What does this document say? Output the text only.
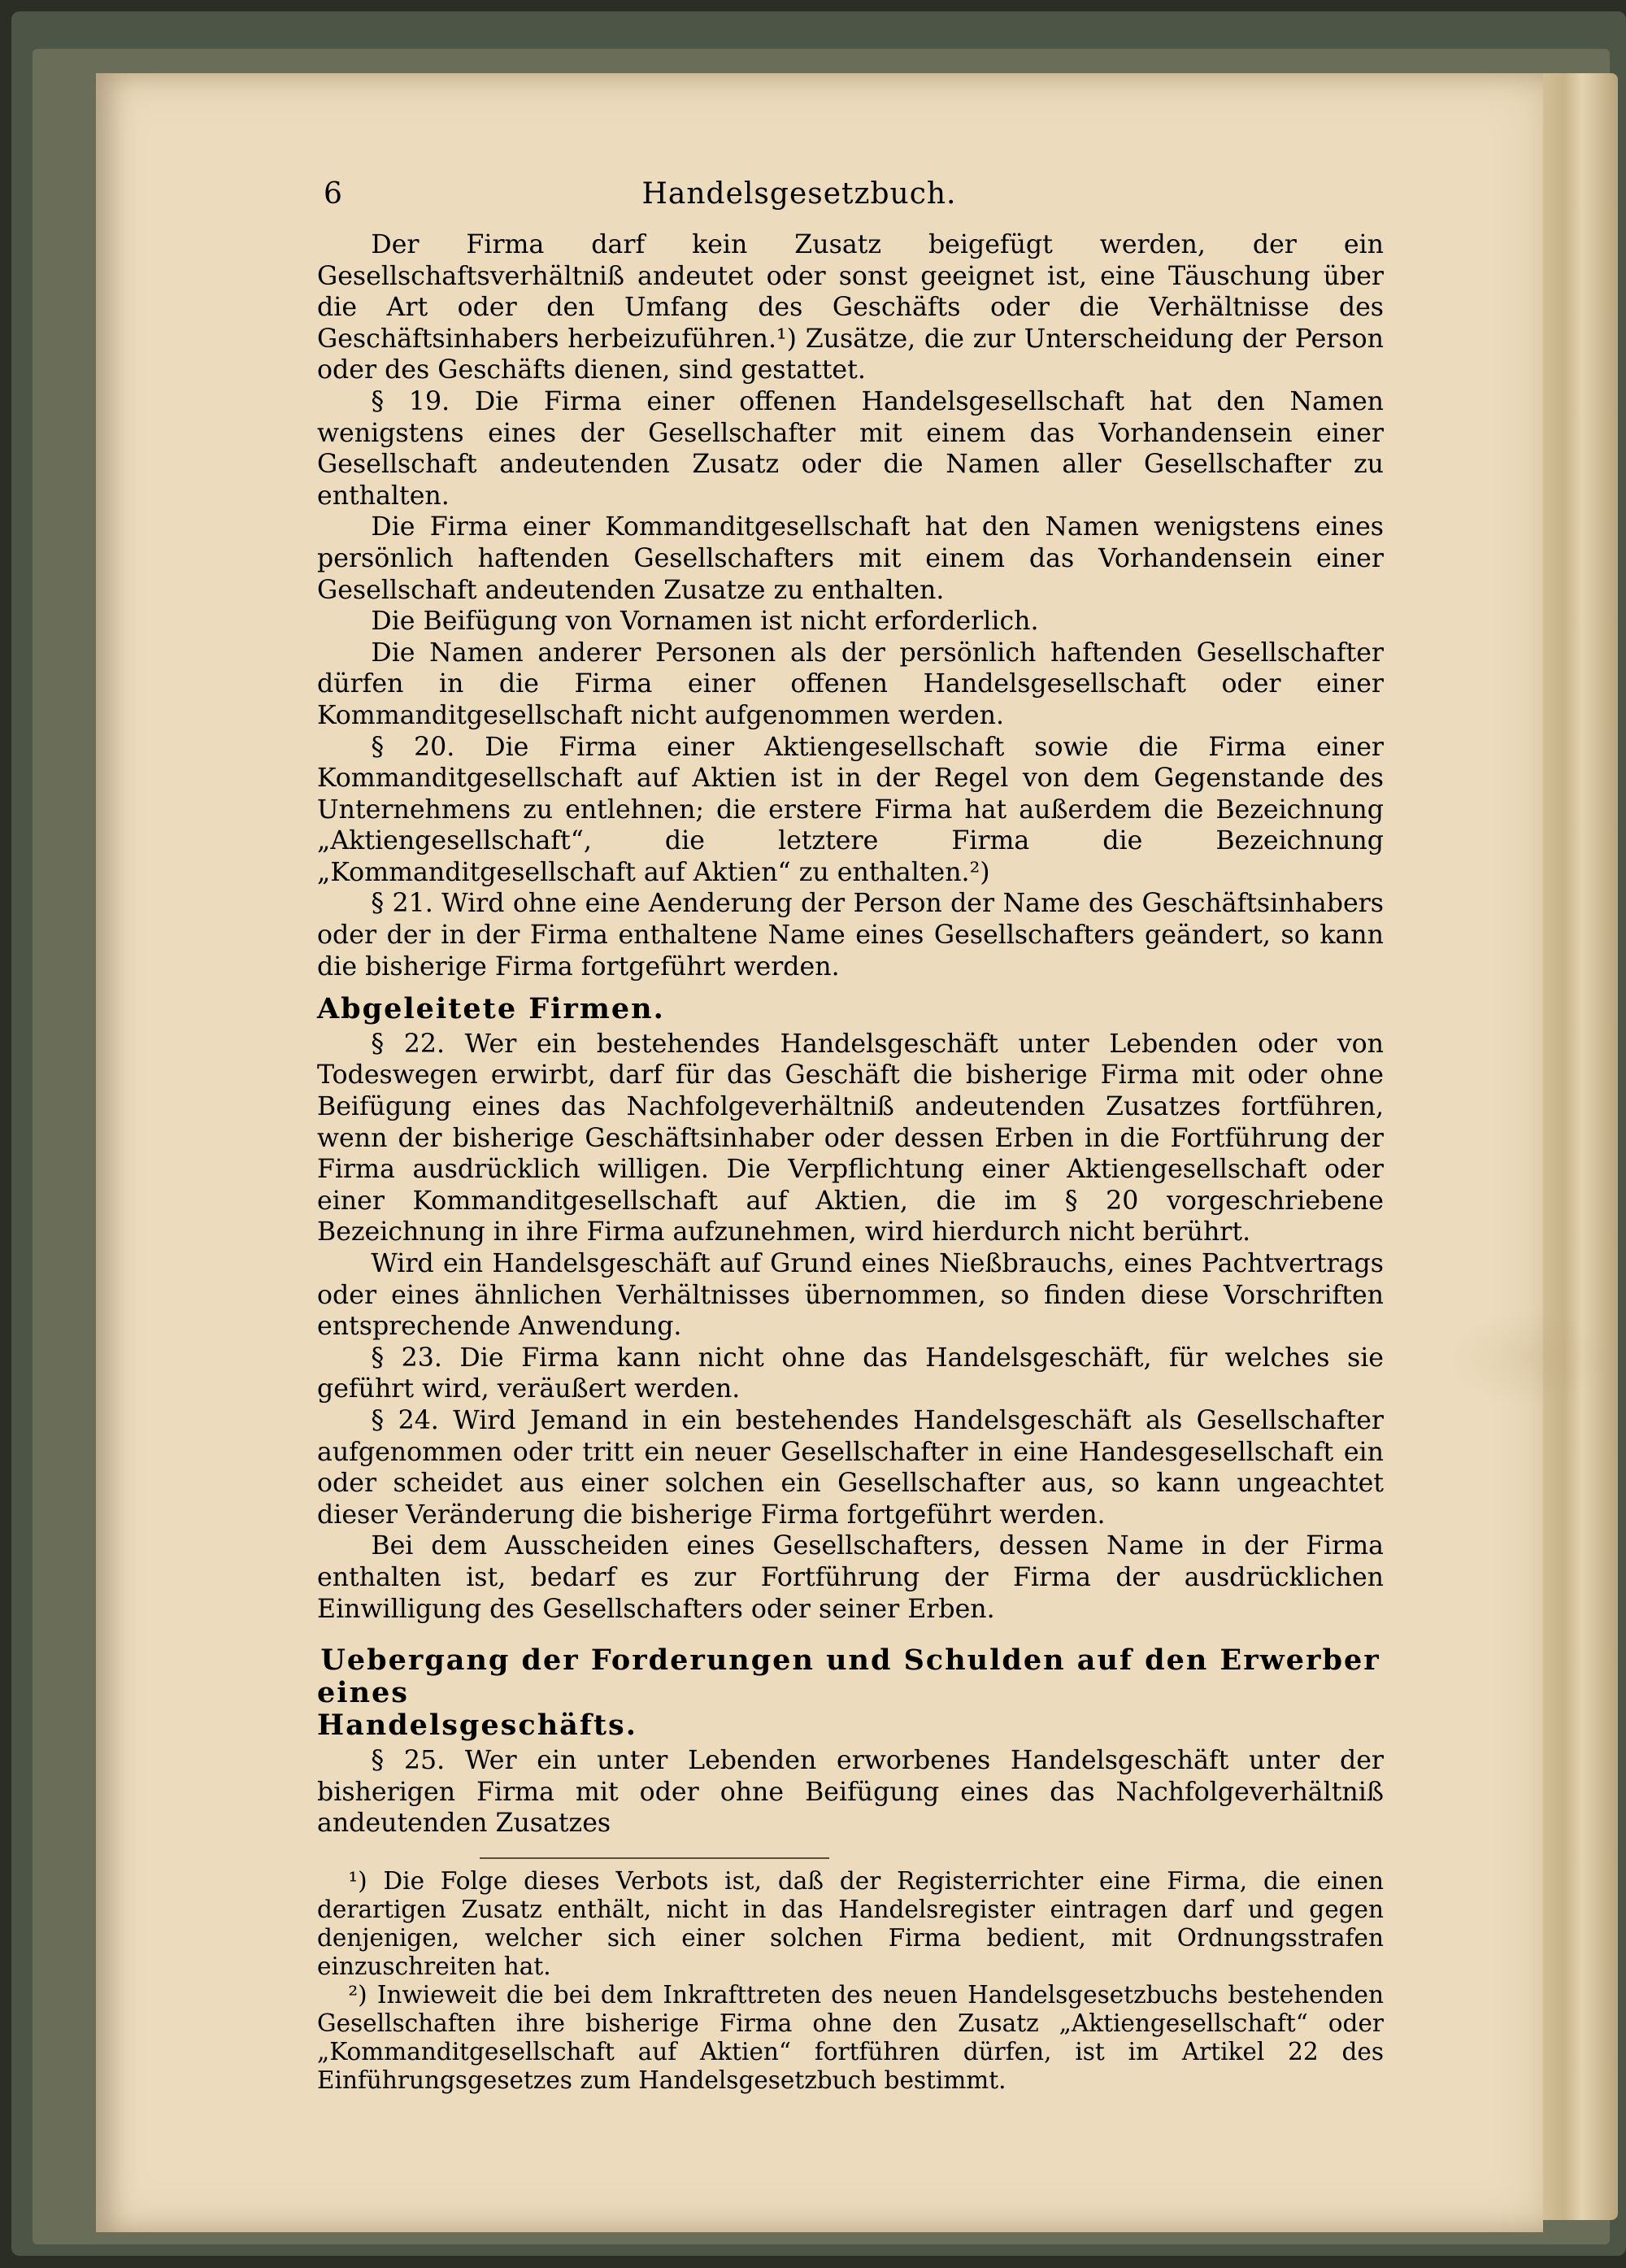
6	Handelsgesetzbuch.

Der Firma darf kein Zusatz beigefügt werden, der ein Gesellschaftsverhältniß andeutet oder sonst geeignet ist, eine Täuschung über die Art oder den Umfang des Geschäfts oder die Verhältnisse des Geschäftsinhabers herbeizuführen.¹) Zusätze, die zur Unterscheidung der Person oder des Geschäfts dienen, sind gestattet.

§ 19. Die Firma einer offenen Handelsgesellschaft hat den Namen wenigstens eines der Gesellschafter mit einem das Vorhandensein einer Gesellschaft andeutenden Zusatz oder die Namen aller Gesellschafter zu enthalten.

Die Firma einer Kommanditgesellschaft hat den Namen wenigstens eines persönlich haftenden Gesellschafters mit einem das Vorhandensein einer Gesellschaft andeutenden Zusatze zu enthalten.

Die Beifügung von Vornamen ist nicht erforderlich.

Die Namen anderer Personen als der persönlich haftenden Gesellschafter dürfen in die Firma einer offenen Handelsgesellschaft oder einer Kommanditgesellschaft nicht aufgenommen werden.

§ 20. Die Firma einer Aktiengesellschaft sowie die Firma einer Kommanditgesellschaft auf Aktien ist in der Regel von dem Gegenstande des Unternehmens zu entlehnen; die erstere Firma hat außerdem die Bezeichnung „Aktiengesellschaft“, die letztere Firma die Bezeichnung „Kommanditgesellschaft auf Aktien“ zu enthalten.²)

§ 21. Wird ohne eine Aenderung der Person der Name des Geschäftsinhabers oder der in der Firma enthaltene Name eines Gesellschafters geändert, so kann die bisherige Firma fortgeführt werden.

Abgeleitete Firmen.

§ 22. Wer ein bestehendes Handelsgeschäft unter Lebenden oder von Todeswegen erwirbt, darf für das Geschäft die bisherige Firma mit oder ohne Beifügung eines das Nachfolgeverhältniß andeutenden Zusatzes fortführen, wenn der bisherige Geschäftsinhaber oder dessen Erben in die Fortführung der Firma ausdrücklich willigen. Die Verpflichtung einer Aktiengesellschaft oder einer Kommanditgesellschaft auf Aktien, die im § 20 vorgeschriebene Bezeichnung in ihre Firma aufzunehmen, wird hierdurch nicht berührt.

Wird ein Handelsgeschäft auf Grund eines Nießbrauchs, eines Pachtvertrags oder eines ähnlichen Verhältnisses übernommen, so finden diese Vorschriften entsprechende Anwendung.

§ 23. Die Firma kann nicht ohne das Handelsgeschäft, für welches sie geführt wird, veräußert werden.

§ 24. Wird Jemand in ein bestehendes Handelsgeschäft als Gesellschafter aufgenommen oder tritt ein neuer Gesellschafter in eine Handesgesellschaft ein oder scheidet aus einer solchen ein Gesellschafter aus, so kann ungeachtet dieser Veränderung die bisherige Firma fortgeführt werden.

Bei dem Ausscheiden eines Gesellschafters, dessen Name in der Firma enthalten ist, bedarf es zur Fortführung der Firma der ausdrücklichen Einwilligung des Gesellschafters oder seiner Erben.

Uebergang der Forderungen und Schulden auf den Erwerber eines
Handelsgeschäfts.

§ 25. Wer ein unter Lebenden erworbenes Handelsgeschäft unter der bisherigen Firma mit oder ohne Beifügung eines das Nachfolgeverhältniß andeutenden Zusatzes

¹) Die Folge dieses Verbots ist, daß der Registerrichter eine Firma, die einen derartigen Zusatz enthält, nicht in das Handelsregister eintragen darf und gegen denjenigen, welcher sich einer solchen Firma bedient, mit Ordnungsstrafen einzuschreiten hat.

²) Inwieweit die bei dem Inkrafttreten des neuen Handelsgesetzbuchs bestehenden Gesellschaften ihre bisherige Firma ohne den Zusatz „Aktiengesellschaft“ oder „Kommanditgesellschaft auf Aktien“ fortführen dürfen, ist im Artikel 22 des Einführungsgesetzes zum Handelsgesetzbuch bestimmt.
